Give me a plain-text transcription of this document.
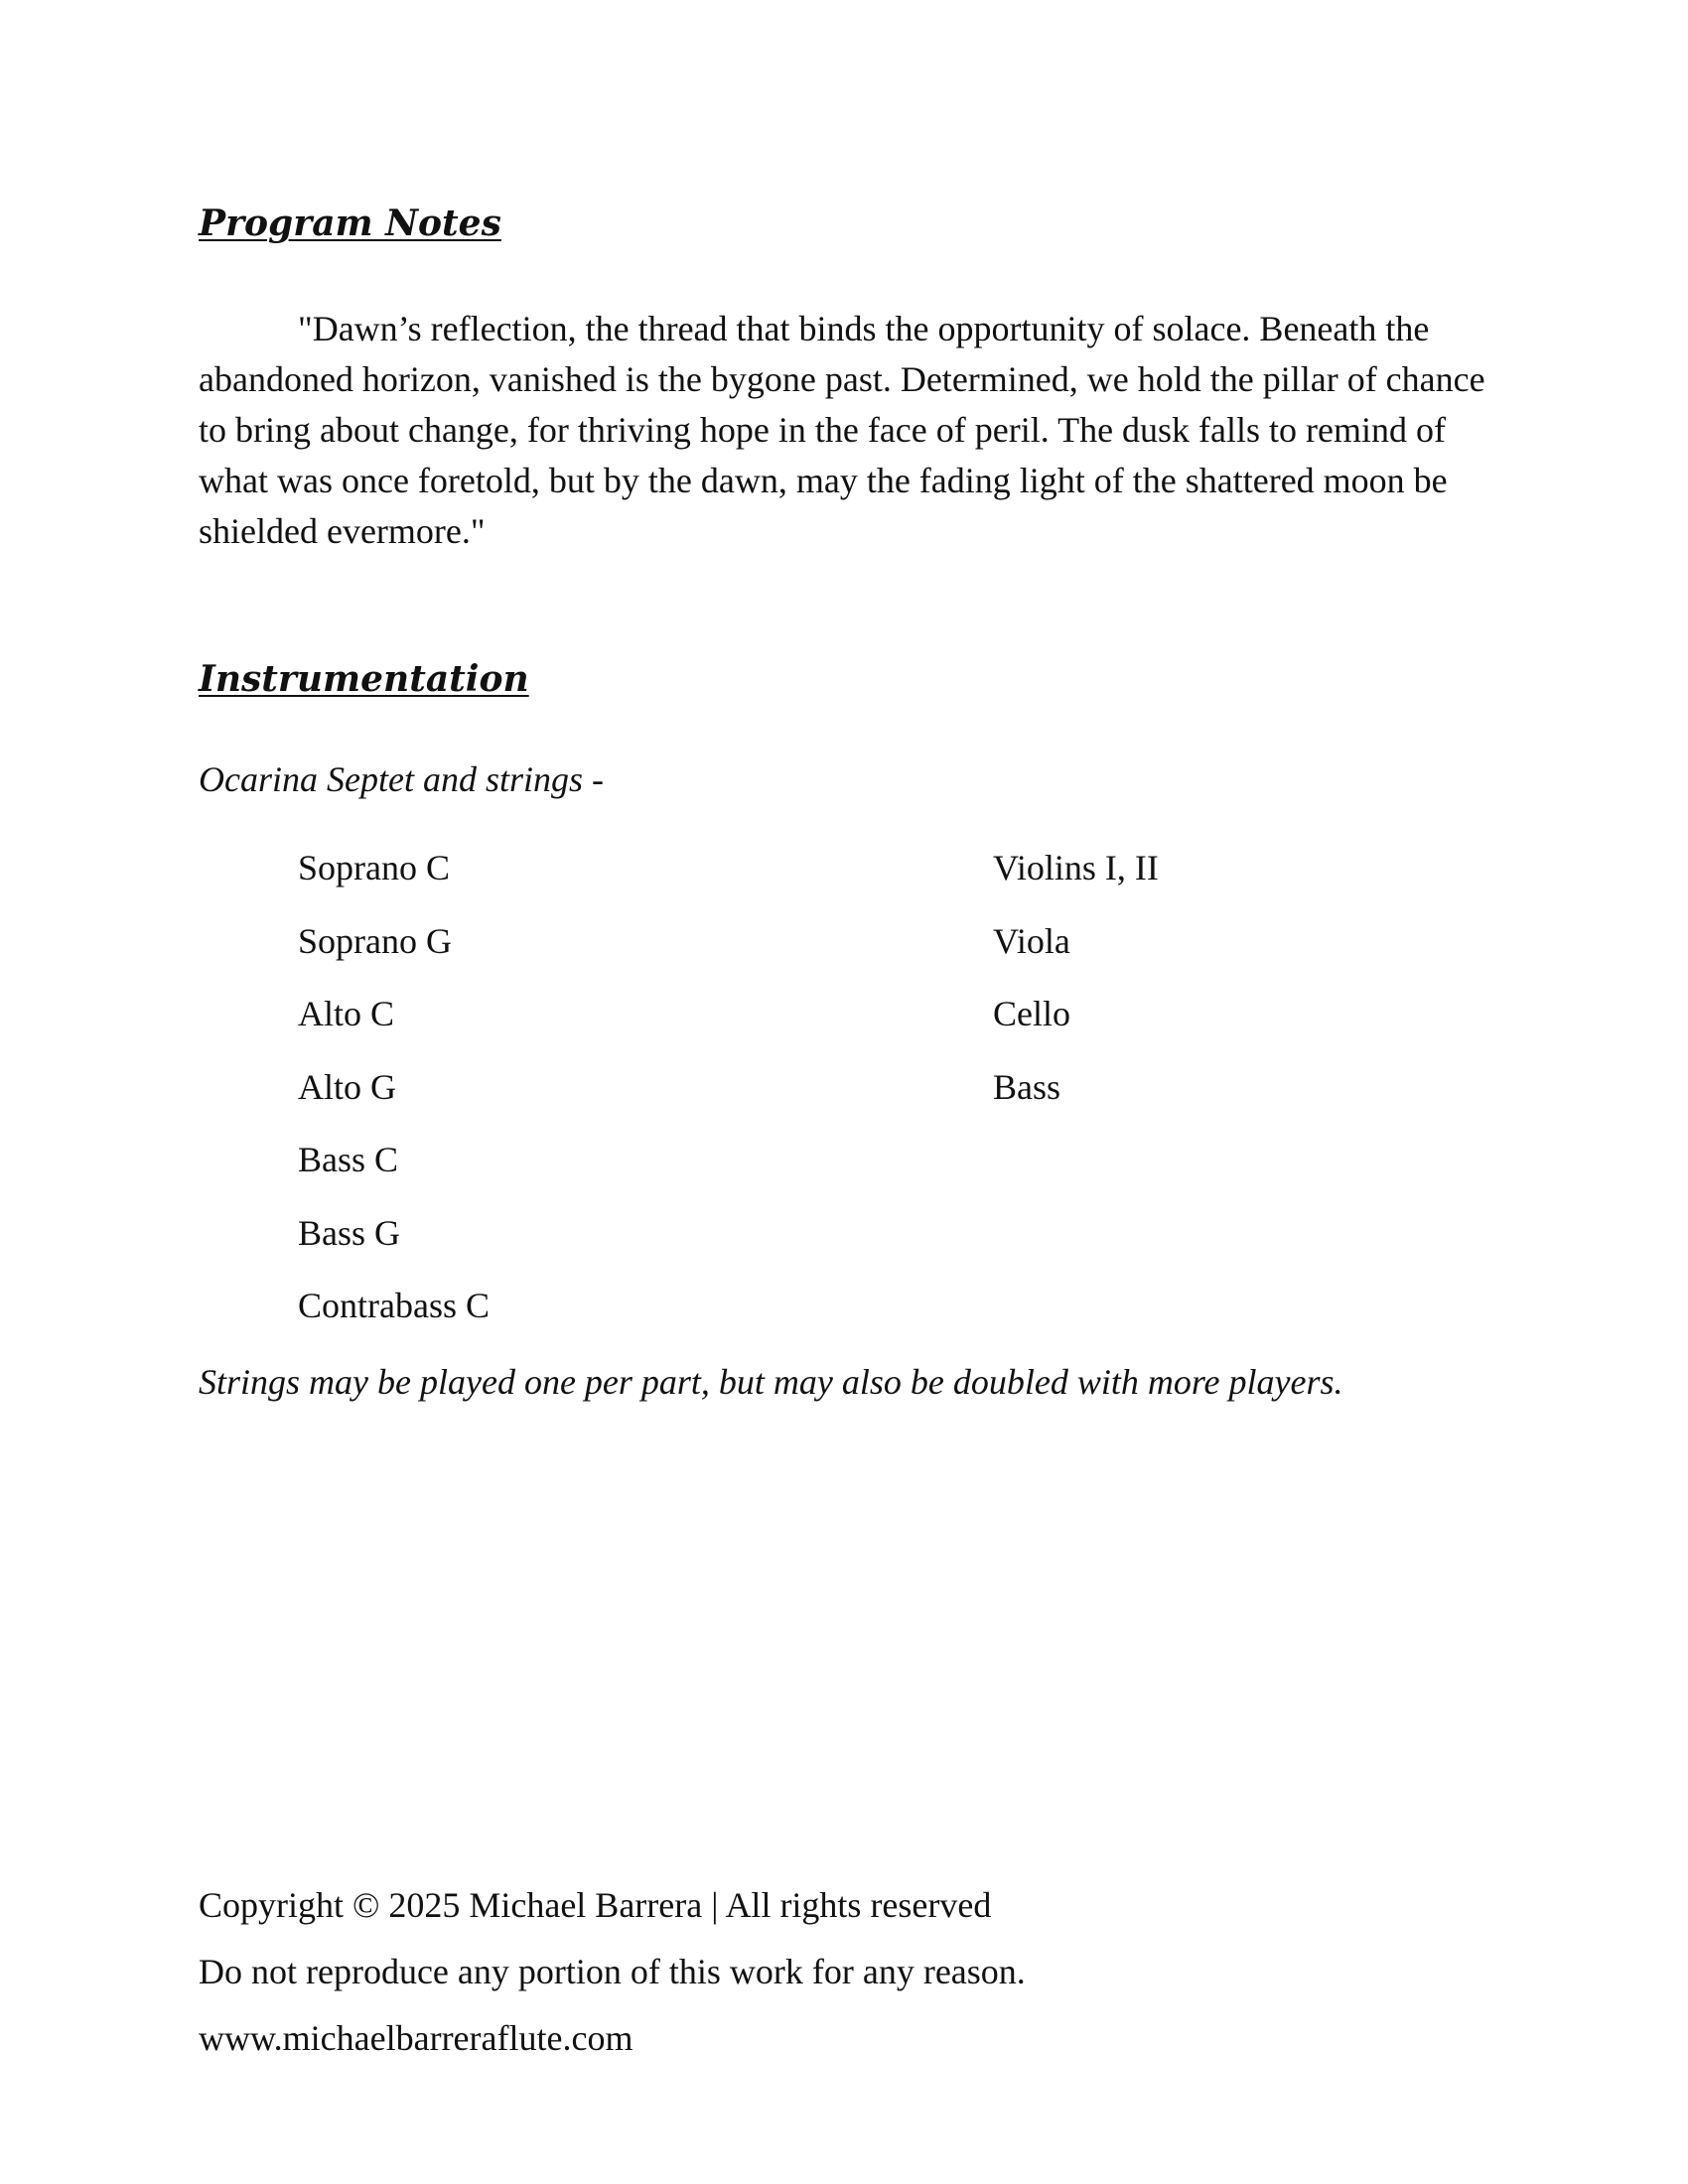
Program Notes

"Dawn’s reflection, the thread that binds the opportunity of solace. Beneath the abandoned horizon, vanished is the bygone past. Determined, we hold the pillar of chance to bring about change, for thriving hope in the face of peril. The dusk falls to remind of what was once foretold, but by the dawn, may the fading light of the shattered moon be shielded evermore."

Instrumentation

Ocarina Septet and strings -

Soprano C
Soprano G
Alto C
Alto G
Bass C
Bass G
Contrabass C
Violins I, II
Viola
Cello
Bass

Strings may be played one per part, but may also be doubled with more players.

Copyright © 2025 Michael Barrera | All rights reserved

Do not reproduce any portion of this work for any reason.

www.michaelbarreraflute.com
